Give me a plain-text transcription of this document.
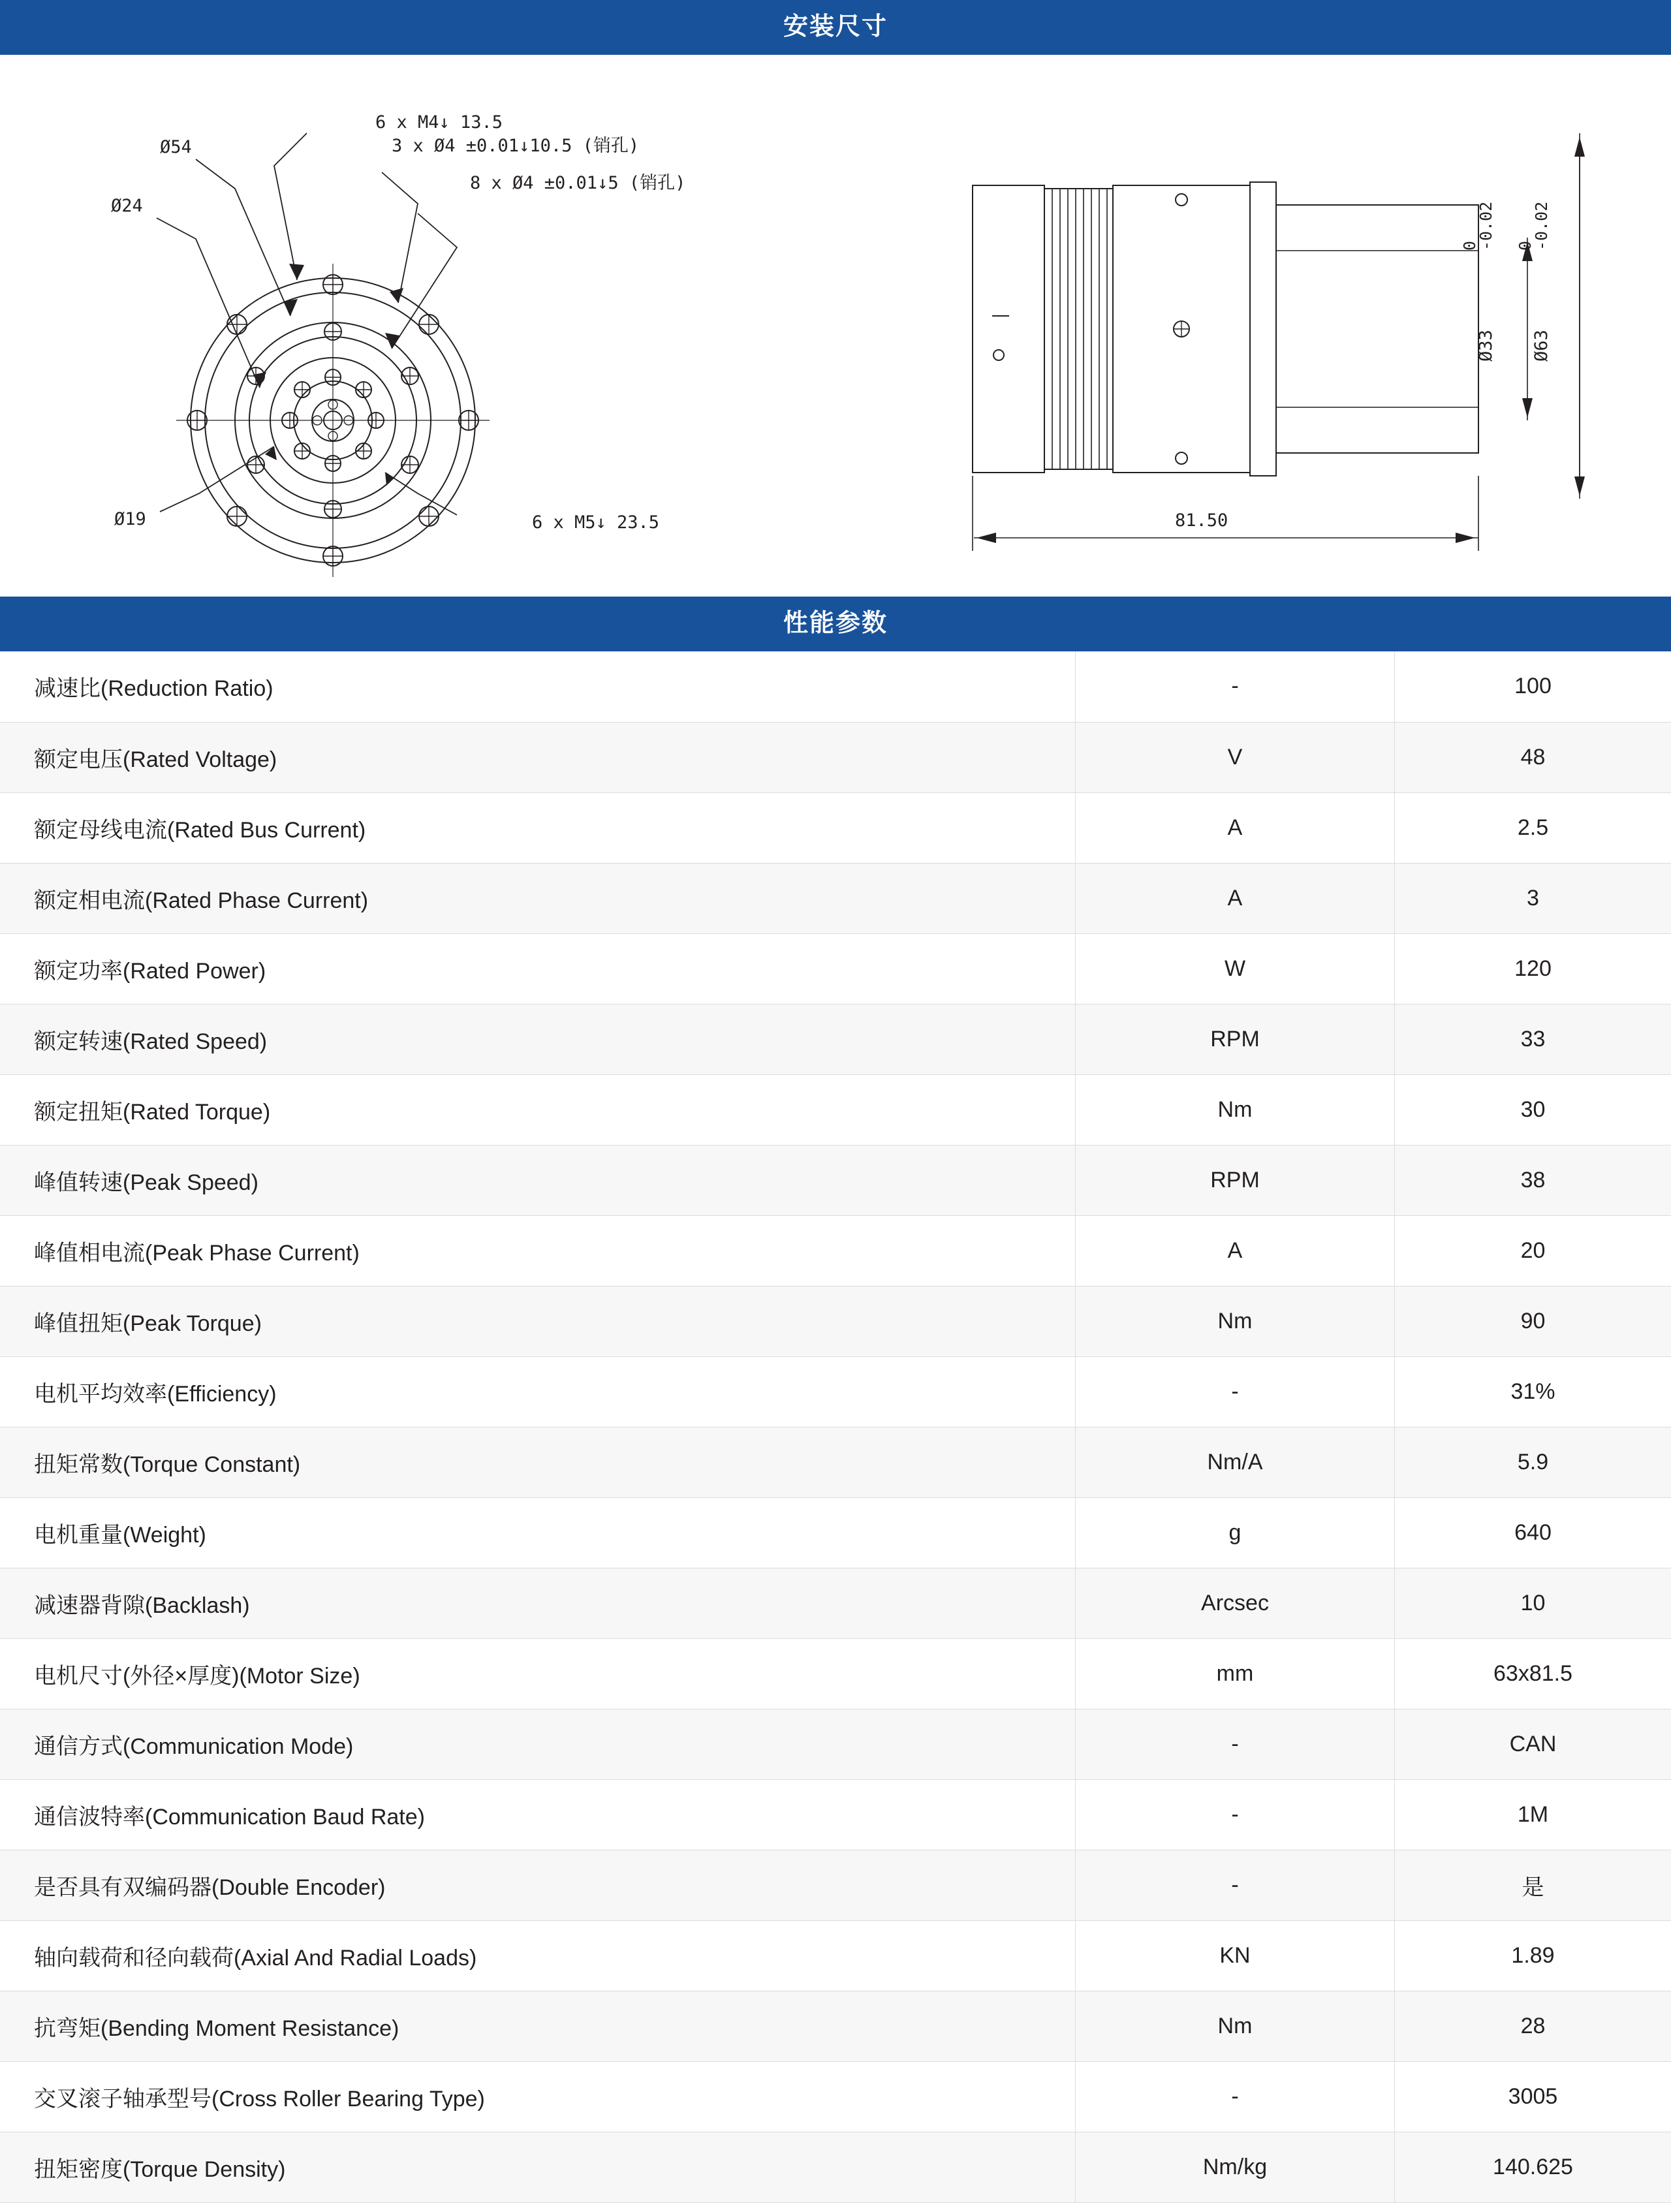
安装尺寸
6 x M4↓ 13.5
3 x Ø4 ±0.01↓10.5 (销孔)
8 x Ø4 ±0.01↓5 (销孔)
6 x M5↓ 23.5
Ø54
Ø24
Ø19
Ø33 Ø63
0
-0.02 0
-0.02
81.50
性能参数
减速比(Reduction Ratio)	-	100
额定电压(Rated Voltage)	V	48
额定母线电流(Rated Bus Current)	A	2.5
额定相电流(Rated Phase Current)	A	3
额定功率(Rated Power)	W	120
额定转速(Rated Speed)	RPM	33
额定扭矩(Rated Torque)	Nm	30
峰值转速(Peak Speed)	RPM	38
峰值相电流(Peak Phase Current)	A	20
峰值扭矩(Peak Torque)	Nm	90
电机平均效率(Efficiency)	-	31%
扭矩常数(Torque Constant)	Nm/A	5.9
电机重量(Weight)	g	640
减速器背隙(Backlash)	Arcsec	10
电机尺寸(外径×厚度)(Motor Size)	mm	63x81.5
通信方式(Communication Mode)	-	CAN
通信波特率(Communication Baud Rate)	-	1M
是否具有双编码器(Double Encoder)	-	是
轴向载荷和径向载荷(Axial And Radial Loads)	KN	1.89
抗弯矩(Bending Moment Resistance)	Nm	28
交叉滚子轴承型号(Cross Roller Bearing Type)	-	3005
扭矩密度(Torque Density)	Nm/kg	140.625
